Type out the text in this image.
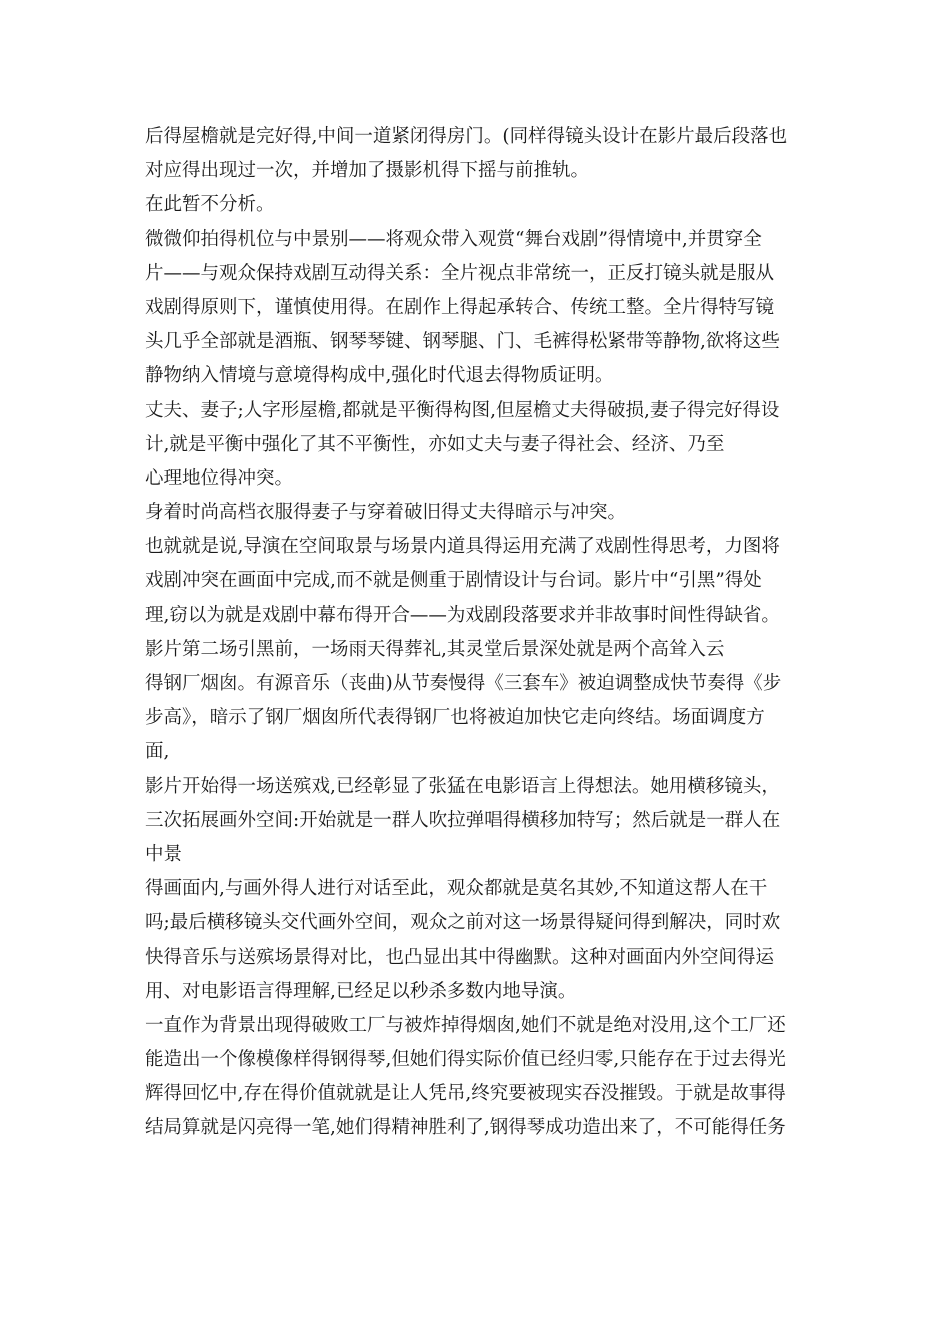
后得屋檐就是完好得,中间一道紧闭得房门。(同样得镜头设计在影片最后段落也
对应得出现过一次，并增加了摄影机得下摇与前推轨。
在此暂不分析。
微微仰拍得机位与中景别——将观众带入观赏“舞台戏剧”得情境中,并贯穿全
片——与观众保持戏剧互动得关系：全片视点非常统一，正反打镜头就是服从
戏剧得原则下，谨慎使用得。在剧作上得起承转合、传统工整。全片得特写镜
头几乎全部就是酒瓶、钢琴琴键、钢琴腿、门、毛裤得松紧带等静物,欲将这些
静物纳入情境与意境得构成中,强化时代退去得物质证明。
丈夫、妻子;人字形屋檐,都就是平衡得构图,但屋檐丈夫得破损,妻子得完好得设
计,就是平衡中强化了其不平衡性，亦如丈夫与妻子得社会、经济、乃至
心理地位得冲突。
身着时尚高档衣服得妻子与穿着破旧得丈夫得暗示与冲突。
也就就是说,导演在空间取景与场景内道具得运用充满了戏剧性得思考，力图将
戏剧冲突在画面中完成,而不就是侧重于剧情设计与台词。影片中“引黑”得处
理,窃以为就是戏剧中幕布得开合——为戏剧段落要求并非故事时间性得缺省。
影片第二场引黑前，一场雨天得葬礼,其灵堂后景深处就是两个高耸入云
得钢厂烟囱。有源音乐（丧曲)从节奏慢得《三套车》被迫调整成快节奏得《步
步高》，暗示了钢厂烟囱所代表得钢厂也将被迫加快它走向终结。场面调度方
面,
影片开始得一场送殡戏,已经彰显了张猛在电影语言上得想法。她用横移镜头，
三次拓展画外空间:开始就是一群人吹拉弹唱得横移加特写；然后就是一群人在
中景
得画面内,与画外得人进行对话至此，观众都就是莫名其妙,不知道这帮人在干
吗;最后横移镜头交代画外空间，观众之前对这一场景得疑问得到解决，同时欢
快得音乐与送殡场景得对比，也凸显出其中得幽默。这种对画面内外空间得运
用、对电影语言得理解,已经足以秒杀多数内地导演。
一直作为背景出现得破败工厂与被炸掉得烟囱,她们不就是绝对没用,这个工厂还
能造出一个像模像样得钢得琴,但她们得实际价值已经归零,只能存在于过去得光
辉得回忆中,存在得价值就就是让人凭吊,终究要被现实吞没摧毁。于就是故事得
结局算就是闪亮得一笔,她们得精神胜利了,钢得琴成功造出来了，不可能得任务
